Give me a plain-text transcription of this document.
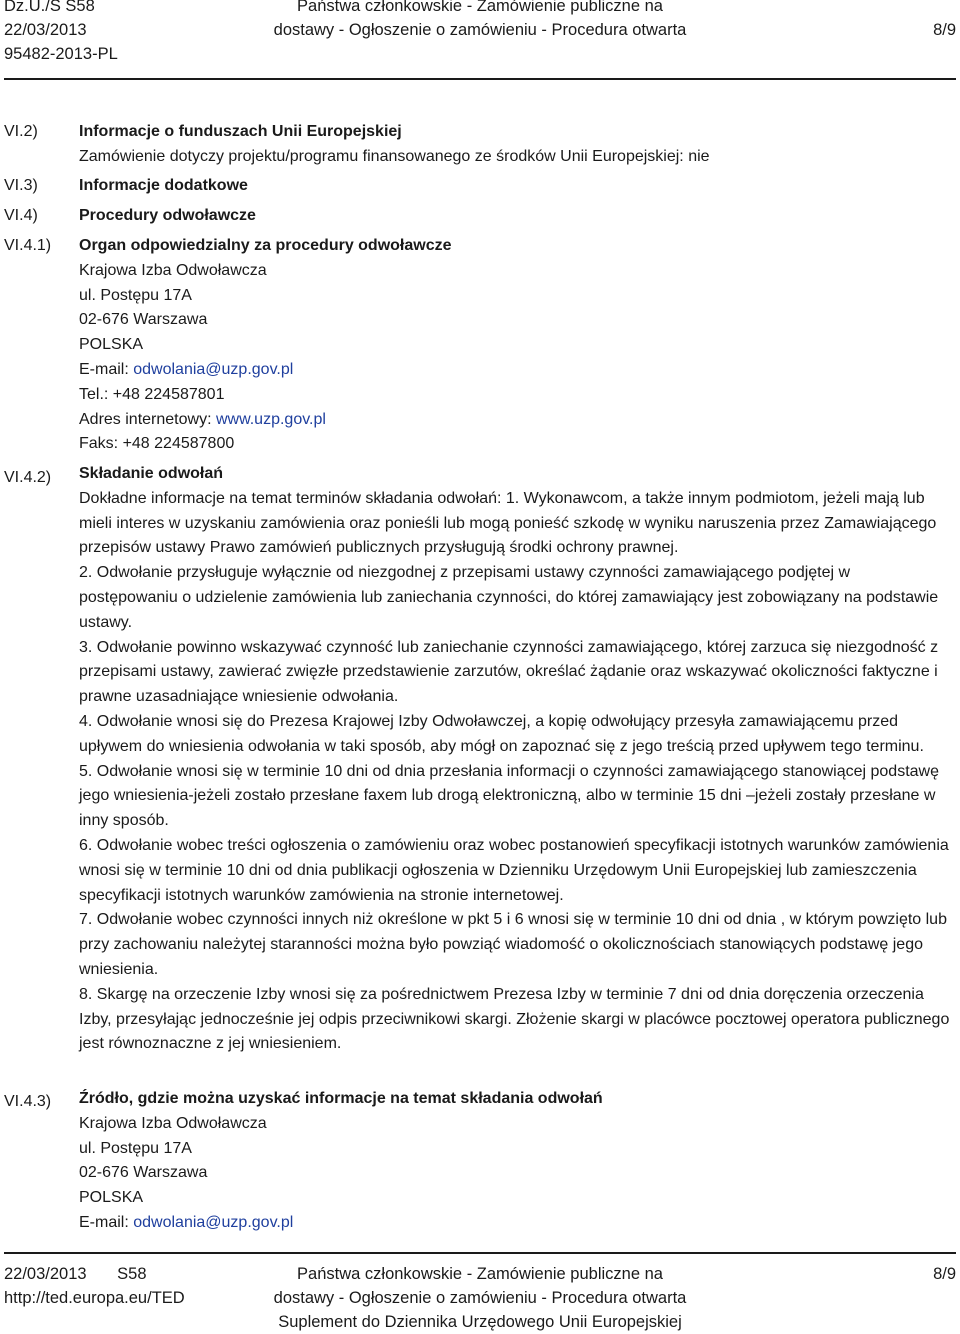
Dz.U./S S58
22/03/2013
95482-2013-PL
Państwa członkowskie - Zamówienie publiczne na
dostawy - Ogłoszenie o zamówieniu - Procedura otwarta	8/9
VI.2)	Informacje o funduszach Unii Europejskiej
Zamówienie dotyczy projektu/programu finansowanego ze środków Unii Europejskiej: nie
VI.3)	Informacje dodatkowe
VI.4)	Procedury odwoławcze
VI.4.1) Organ odpowiedzialny za procedury odwoławcze
Krajowa Izba Odwoławcza
ul. Postępu 17A
02-676 Warszawa
POLSKA
E-mail: odwolania@uzp.gov.pl
Tel.: +48 224587801
Adres internetowy: www.uzp.gov.pl
Faks: +48 224587800
VI.4.2) Składanie odwołań
Dokładne informacje na temat terminów składania odwołań: 1. Wykonawcom, a także innym podmiotom, jeżeli mają lub mieli interes w uzyskaniu zamówienia oraz ponieśli lub mogą ponieść szkodę w wyniku naruszenia przez Zamawiającego przepisów ustawy Prawo zamówień publicznych przysługują środki ochrony prawnej.
2. Odwołanie przysługuje wyłącznie od niezgodnej z przepisami ustawy czynności zamawiającego podjętej w postępowaniu o udzielenie zamówienia lub zaniechania czynności, do której zamawiający jest zobowiązany na podstawie ustawy.
3. Odwołanie powinno wskazywać czynność lub zaniechanie czynności zamawiającego, której zarzuca się niezgodność z przepisami ustawy, zawierać zwięzłe przedstawienie zarzutów, określać żądanie oraz wskazywać okoliczności faktyczne i prawne uzasadniające wniesienie odwołania.
4. Odwołanie wnosi się do Prezesa Krajowej Izby Odwoławczej, a kopię odwołujący przesyła zamawiającemu przed upływem do wniesienia odwołania w taki sposób, aby mógł on zapoznać się z jego treścią przed upływem tego terminu.
5. Odwołanie wnosi się w terminie 10 dni od dnia przesłania informacji o czynności zamawiającego stanowiącej podstawę jego wniesienia-jeżeli zostało przesłane faxem lub drogą elektroniczną, albo w terminie 15 dni –jeżeli zostały przesłane w inny sposób.
6. Odwołanie wobec treści ogłoszenia o zamówieniu oraz wobec postanowień specyfikacji istotnych warunków zamówienia wnosi się w terminie 10 dni od dnia publikacji ogłoszenia w Dzienniku Urzędowym Unii Europejskiej lub zamieszczenia specyfikacji istotnych warunków zamówienia na stronie internetowej.
7. Odwołanie wobec czynności innych niż określone w pkt 5 i 6 wnosi się w terminie 10 dni od dnia , w którym powzięto lub przy zachowaniu należytej staranności można było powziąć wiadomość o okolicznościach stanowiących podstawę jego wniesienia.
8. Skargę na orzeczenie Izby wnosi się za pośrednictwem Prezesa Izby w terminie 7 dni od dnia doręczenia orzeczenia Izby, przesyłając jednocześnie jej odpis przeciwnikowi skargi. Złożenie skargi w placówce pocztowej operatora publicznego jest równoznaczne z jej wniesieniem.
VI.4.3) Źródło, gdzie można uzyskać informacje na temat składania odwołań
Krajowa Izba Odwoławcza
ul. Postępu 17A
02-676 Warszawa
POLSKA
E-mail: odwolania@uzp.gov.pl
22/03/2013 S58
http://ted.europa.eu/TED
Państwa członkowskie - Zamówienie publiczne na
dostawy - Ogłoszenie o zamówieniu - Procedura otwarta
Suplement do Dziennika Urzędowego Unii Europejskiej
8/9
